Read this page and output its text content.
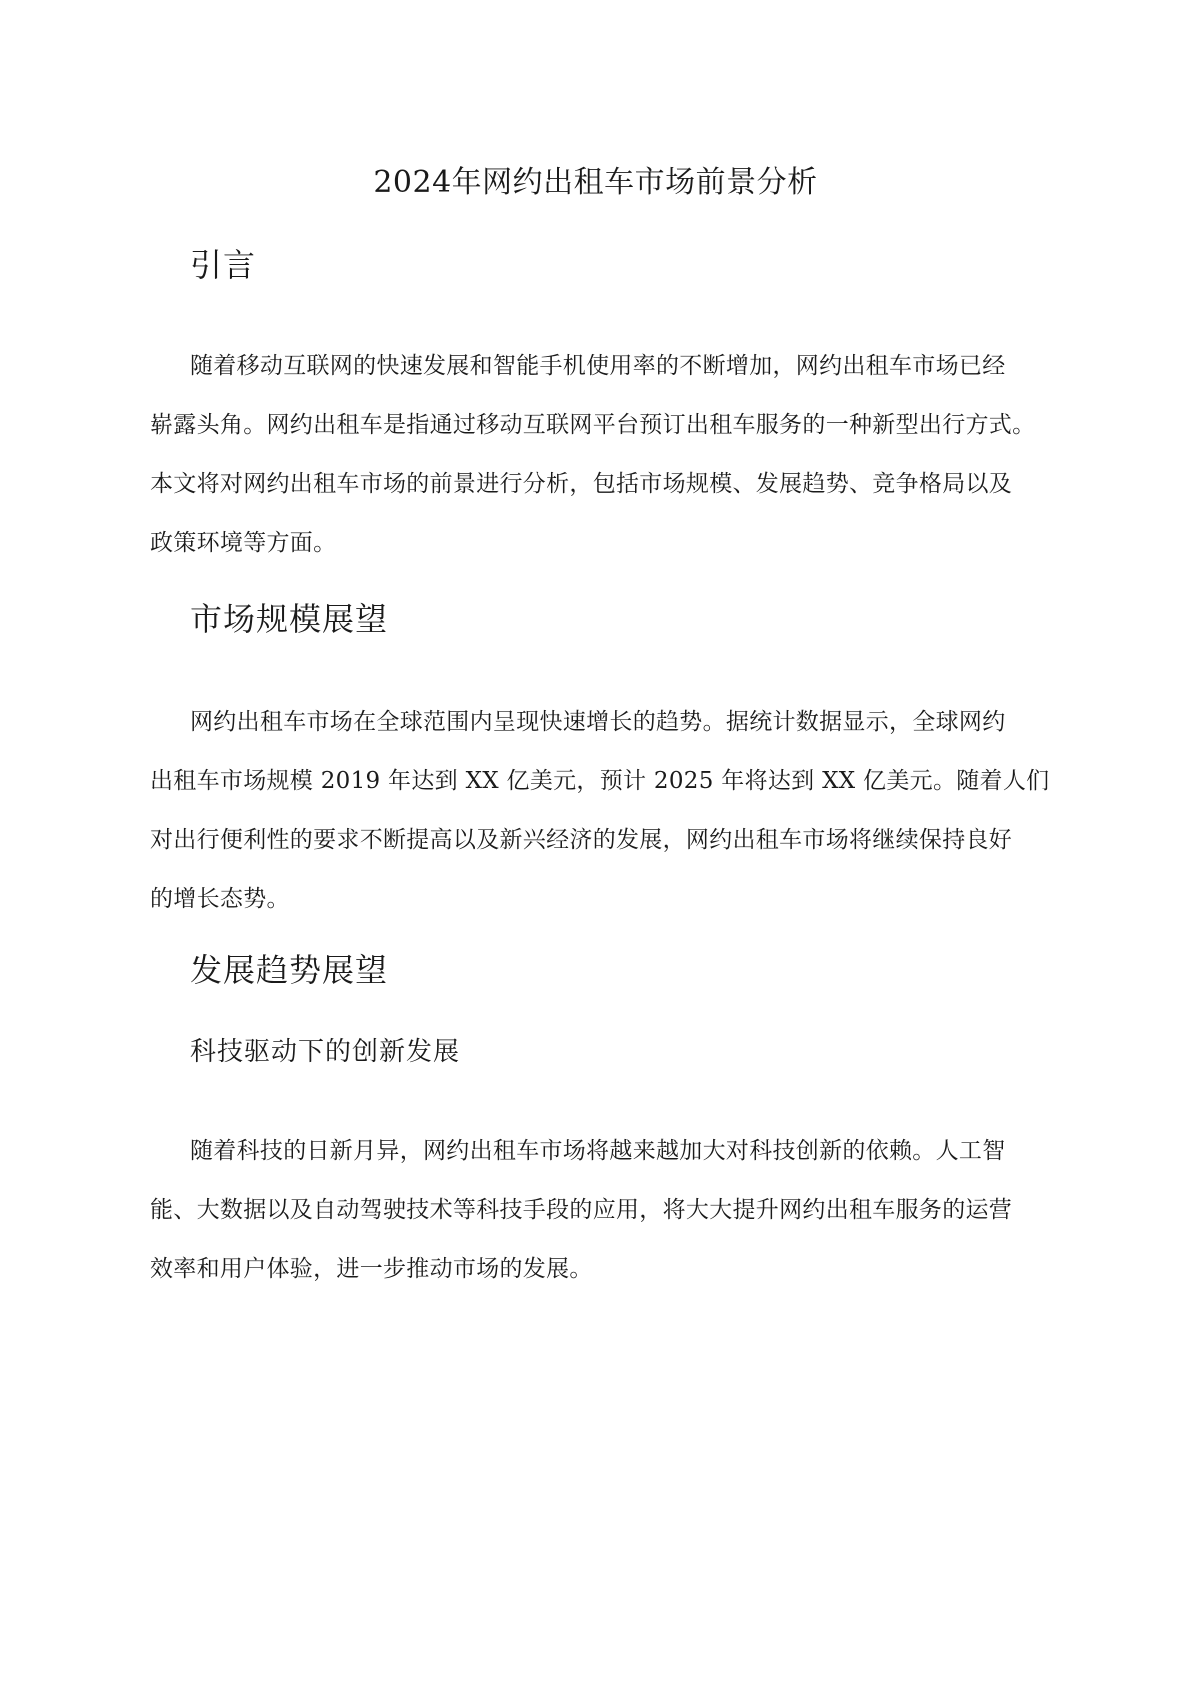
2024年网约出租车市场前景分析
引言
随着移动互联网的快速发展和智能手机使用率的不断增加，网约出租车市场已经
崭露头角。网约出租车是指通过移动互联网平台预订出租车服务的一种新型出行方式。
本文将对网约出租车市场的前景进行分析，包括市场规模、发展趋势、竞争格局以及
政策环境等方面。
市场规模展望
网约出租车市场在全球范围内呈现快速增长的趋势。据统计数据显示，全球网约
出租车市场规模 2019 年达到 XX 亿美元，预计 2025 年将达到 XX 亿美元。随着人们
对出行便利性的要求不断提高以及新兴经济的发展，网约出租车市场将继续保持良好
的增长态势。
发展趋势展望
科技驱动下的创新发展
随着科技的日新月异，网约出租车市场将越来越加大对科技创新的依赖。人工智
能、大数据以及自动驾驶技术等科技手段的应用，将大大提升网约出租车服务的运营
效率和用户体验，进一步推动市场的发展。
